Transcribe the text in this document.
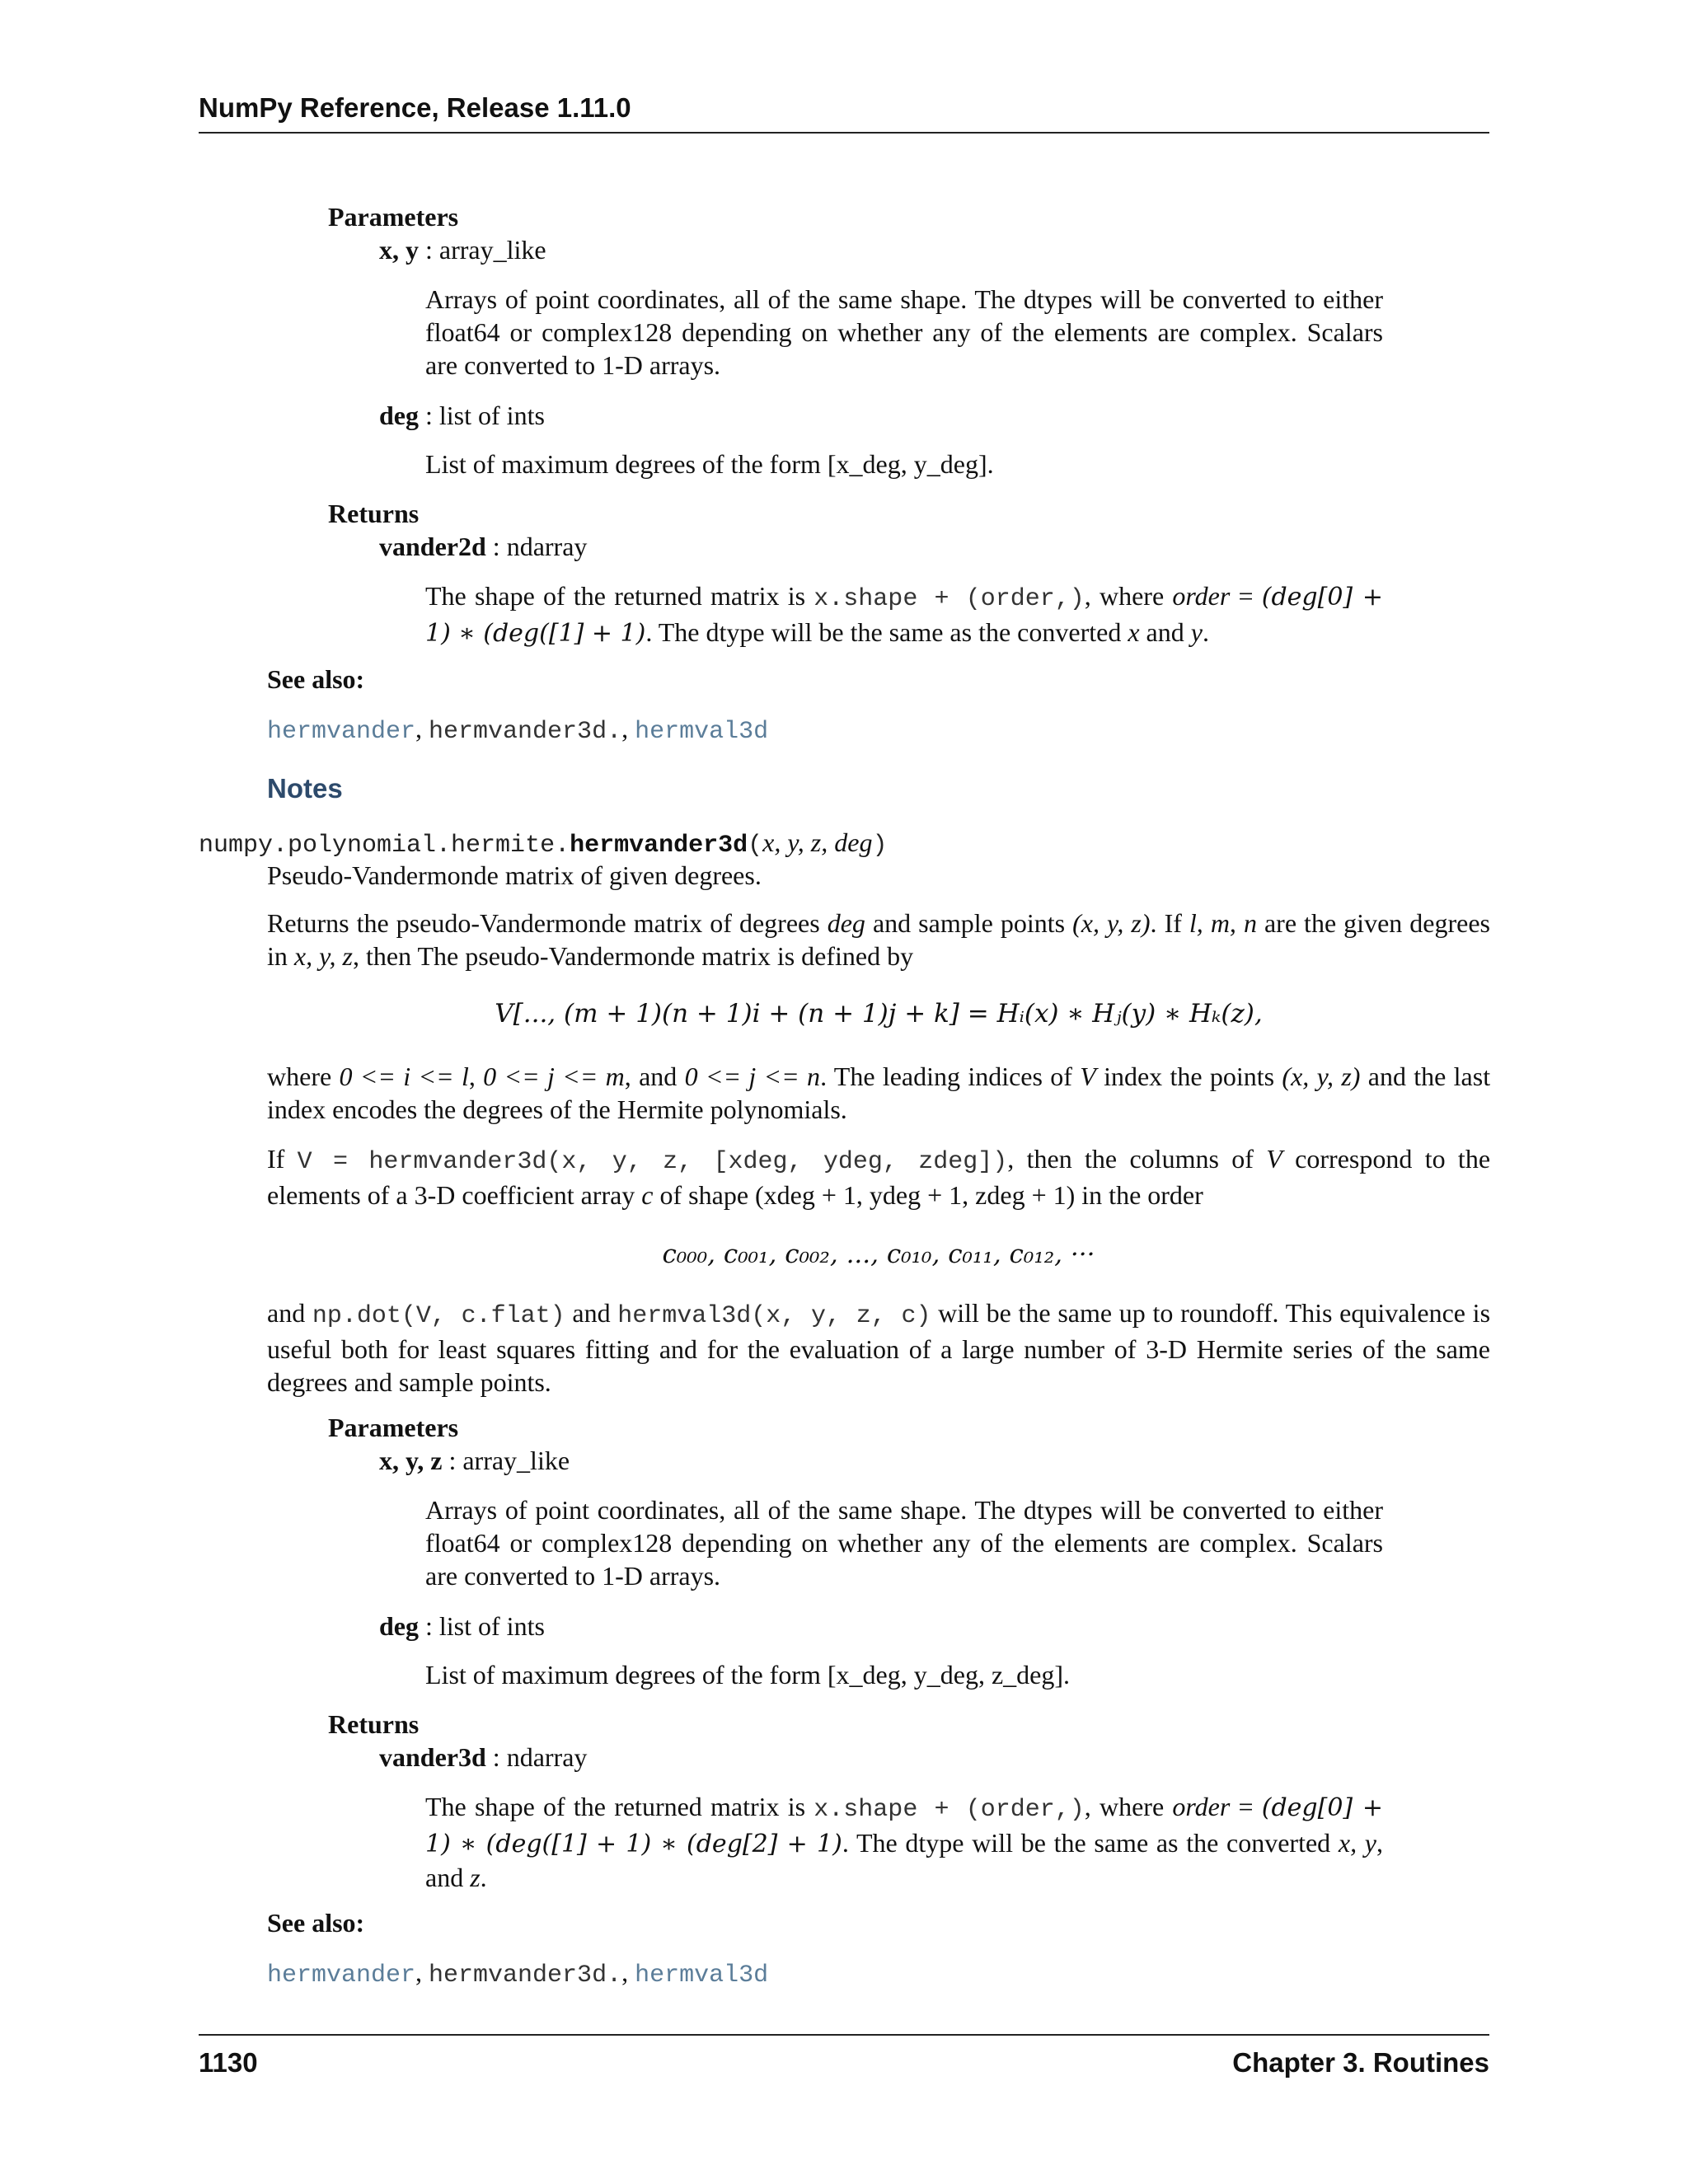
NumPy Reference, Release 1.11.0
Parameters
x, y : array_like
Arrays of point coordinates, all of the same shape. The dtypes will be converted to either float64 or complex128 depending on whether any of the elements are complex. Scalars are converted to 1-D arrays.
deg : list of ints
List of maximum degrees of the form [x_deg, y_deg].
Returns
vander2d : ndarray
The shape of the returned matrix is x.shape + (order,), where order = (deg[0] + 1) ∗ (deg([1] + 1). The dtype will be the same as the converted x and y.
See also:
hermvander, hermvander3d., hermval3d
Notes
numpy.polynomial.hermite.hermvander3d(x, y, z, deg)
Pseudo-Vandermonde matrix of given degrees.
Returns the pseudo-Vandermonde matrix of degrees deg and sample points (x, y, z). If l, m, n are the given degrees in x, y, z, then The pseudo-Vandermonde matrix is defined by
V[..., (m + 1)(n + 1)i + (n + 1)j + k] = Hᵢ(x) ∗ Hⱼ(y) ∗ Hₖ(z),
where 0 <= i <= l, 0 <= j <= m, and 0 <= j <= n. The leading indices of V index the points (x, y, z) and the last index encodes the degrees of the Hermite polynomials.
If V = hermvander3d(x, y, z, [xdeg, ydeg, zdeg]), then the columns of V correspond to the elements of a 3-D coefficient array c of shape (xdeg + 1, ydeg + 1, zdeg + 1) in the order
c₀₀₀, c₀₀₁, c₀₀₂, ..., c₀₁₀, c₀₁₁, c₀₁₂, ···
and np.dot(V, c.flat) and hermval3d(x, y, z, c) will be the same up to roundoff. This equivalence is useful both for least squares fitting and for the evaluation of a large number of 3-D Hermite series of the same degrees and sample points.
Parameters
x, y, z : array_like
Arrays of point coordinates, all of the same shape. The dtypes will be converted to either float64 or complex128 depending on whether any of the elements are complex. Scalars are converted to 1-D arrays.
deg : list of ints
List of maximum degrees of the form [x_deg, y_deg, z_deg].
Returns
vander3d : ndarray
The shape of the returned matrix is x.shape + (order,), where order = (deg[0] + 1) ∗ (deg([1] + 1) ∗ (deg[2] + 1). The dtype will be the same as the converted x, y, and z.
See also:
hermvander, hermvander3d., hermval3d
1130	Chapter 3. Routines
